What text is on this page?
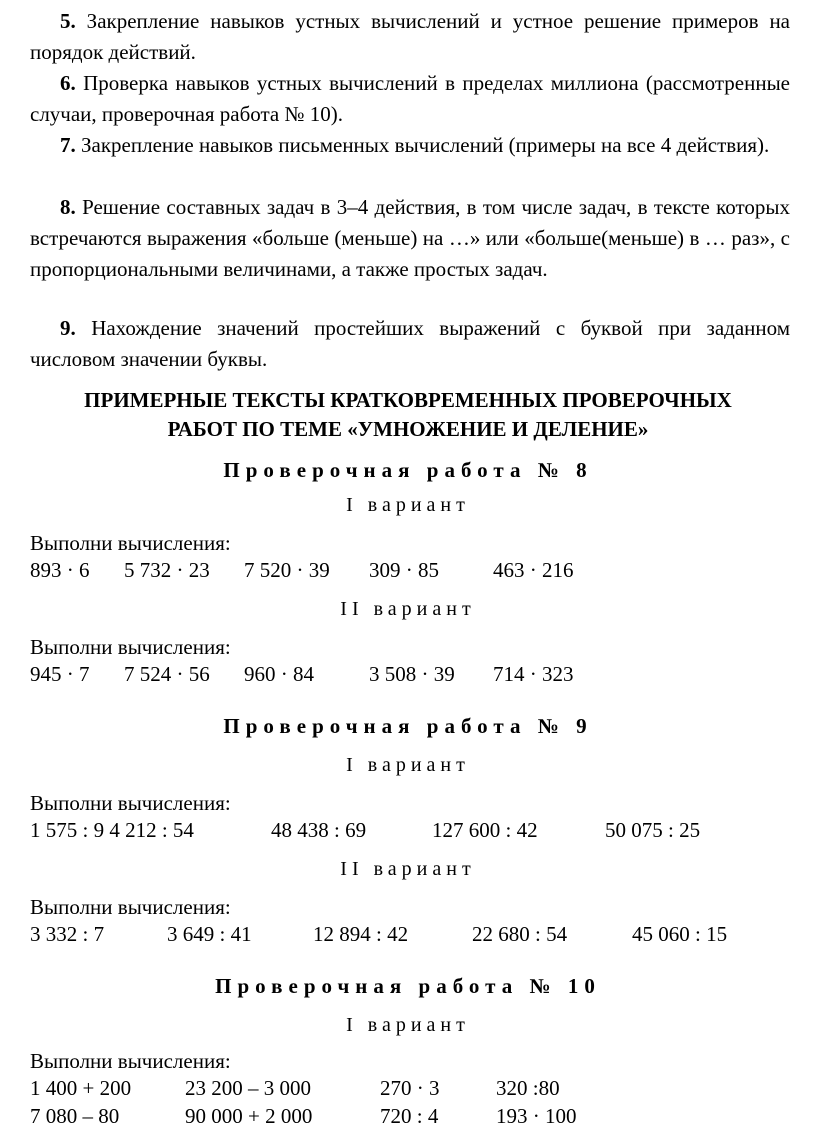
5. Закрепление навыков устных вычислений и устное решение примеров на порядок действий.

6. Проверка навыков устных вычислений в пределах миллиона (рассмотренные случаи, проверочная работа № 10).

7. Закрепление навыков письменных вычислений (примеры на все 4 действия).

8. Решение составных задач в 3–4 действия, в том числе задач, в тексте которых встречаются выражения «больше (меньше) на …» или «больше(меньше) в … раз», с пропорциональными величинами, а также простых задач.

9. Нахождение значений простейших выражений с буквой при заданном числовом значении буквы.

ПРИМЕРНЫЕ ТЕКСТЫ КРАТКОВРЕМЕННЫХ ПРОВЕРОЧНЫХ

РАБОТ ПО ТЕМЕ «УМНОЖЕНИЕ И ДЕЛЕНИЕ»

Проверочная работа № 8

I вариант

Выполни вычисления:

893 · 6 5 732 · 23 7 520 · 39 309 · 85	463 · 216

II вариант

Выполни вычисления:

945 · 7 7 524 · 56 960 · 84	3 508 · 39 714 · 323

Проверочная работа № 9

I вариант

Выполни вычисления:

1 575 : 9 4 212 : 54	48 438 : 69	127 600 : 42	50 075 : 25

II вариант

Выполни вычисления:

3 332 : 7	3 649 : 41	12 894 : 42	22 680 : 54	45 060 : 15

Проверочная работа № 10

I вариант

Выполни вычисления:

1 400 + 200	23 200 – 3 000	270 · 3	320 :80
7 080 – 80	90 000 + 2 000	720 : 4	193 · 100
